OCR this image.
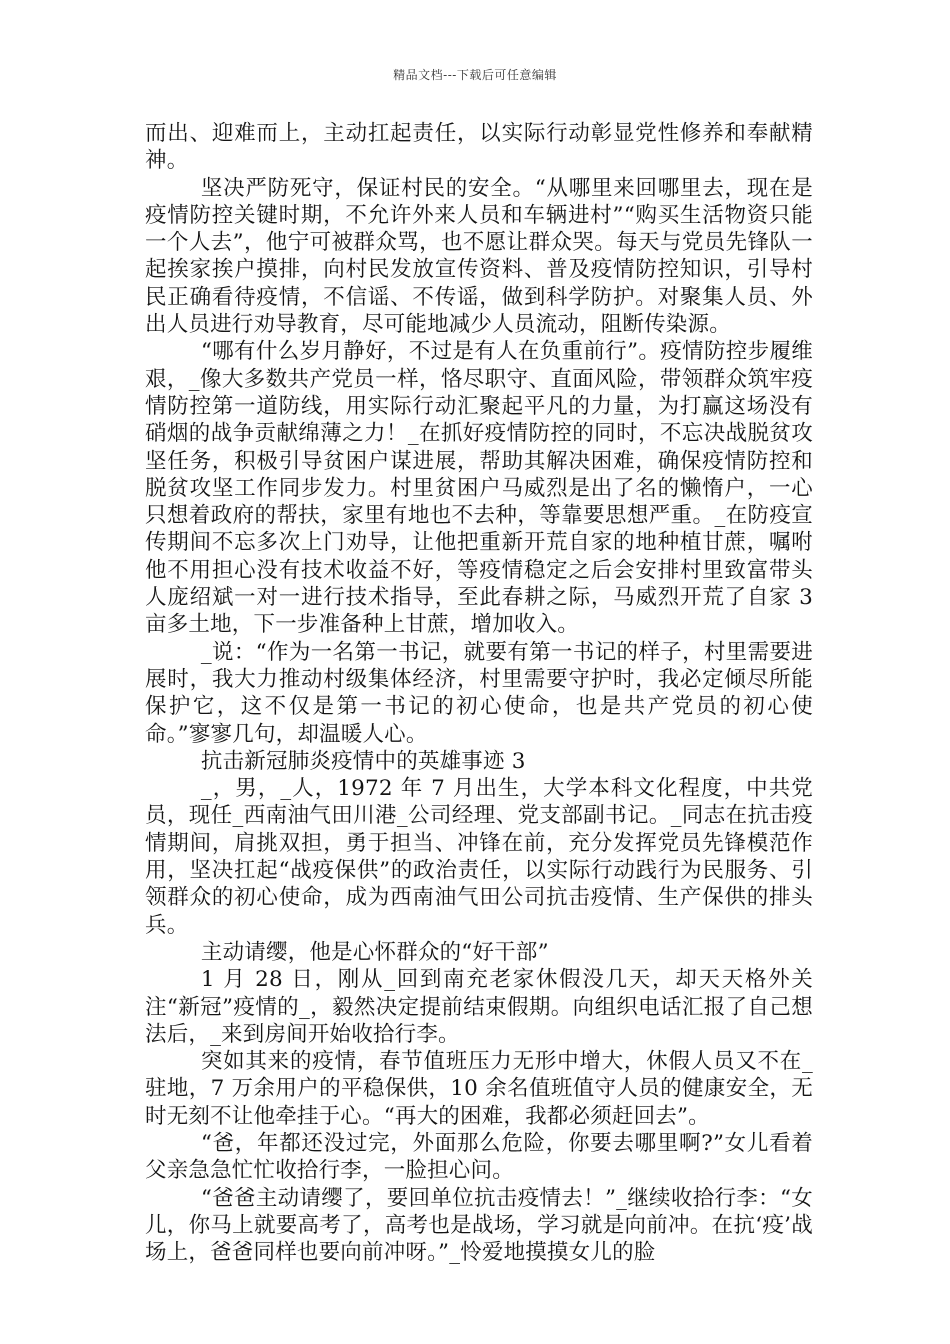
精品文档---下载后可任意编辑

而出、迎难而上，主动扛起责任，以实际行动彰显党性修养和奉献精神。

坚决严防死守，保证村民的安全。“从哪里来回哪里去，现在是疫情防控关键时期，不允许外来人员和车辆进村”“购买生活物资只能一个人去”，他宁可被群众骂，也不愿让群众哭。每天与党员先锋队一起挨家挨户摸排，向村民发放宣传资料、普及疫情防控知识，引导村民正确看待疫情，不信谣、不传谣，做到科学防护。对聚集人员、外出人员进行劝导教育，尽可能地减少人员流动，阻断传染源。

“哪有什么岁月静好，不过是有人在负重前行”。疫情防控步履维艰，_像大多数共产党员一样，恪尽职守、直面风险，带领群众筑牢疫情防控第一道防线，用实际行动汇聚起平凡的力量，为打赢这场没有硝烟的战争贡献绵薄之力！_在抓好疫情防控的同时，不忘决战脱贫攻坚任务，积极引导贫困户谋进展，帮助其解决困难，确保疫情防控和脱贫攻坚工作同步发力。村里贫困户马威烈是出了名的懒惰户，一心只想着政府的帮扶，家里有地也不去种，等靠要思想严重。_在防疫宣传期间不忘多次上门劝导，让他把重新开荒自家的地种植甘蔗，嘱咐他不用担心没有技术收益不好，等疫情稳定之后会安排村里致富带头人庞绍斌一对一进行技术指导，至此春耕之际，马威烈开荒了自家 3 亩多土地，下一步准备种上甘蔗，增加收入。

_说：“作为一名第一书记，就要有第一书记的样子，村里需要进展时，我大力推动村级集体经济，村里需要守护时，我必定倾尽所能保护它，这不仅是第一书记的初心使命，也是共产党员的初心使命。”寥寥几句，却温暖人心。

抗击新冠肺炎疫情中的英雄事迹 3

_，男，_人，1972 年 7 月出生，大学本科文化程度，中共党员，现任_西南油气田川港_公司经理、党支部副书记。_同志在抗击疫情期间，肩挑双担，勇于担当、冲锋在前，充分发挥党员先锋模范作用，坚决扛起“战疫保供”的政治责任，以实际行动践行为民服务、引领群众的初心使命，成为西南油气田公司抗击疫情、生产保供的排头兵。

主动请缨，他是心怀群众的“好干部”

1 月 28 日，刚从_回到南充老家休假没几天，却天天格外关注“新冠”疫情的_，毅然决定提前结束假期。向组织电话汇报了自己想法后，_来到房间开始收拾行李。

突如其来的疫情，春节值班压力无形中增大，休假人员又不在_驻地，7 万余用户的平稳保供，10 余名值班值守人员的健康安全，无时无刻不让他牵挂于心。“再大的困难，我都必须赶回去”。

“爸，年都还没过完，外面那么危险，你要去哪里啊?”女儿看着父亲急急忙忙收拾行李，一脸担心问。

“爸爸主动请缨了，要回单位抗击疫情去！”_继续收拾行李：“女儿，你马上就要高考了，高考也是战场，学习就是向前冲。在抗‘疫’战场上，爸爸同样也要向前冲呀。”_怜爱地摸摸女儿的脸
